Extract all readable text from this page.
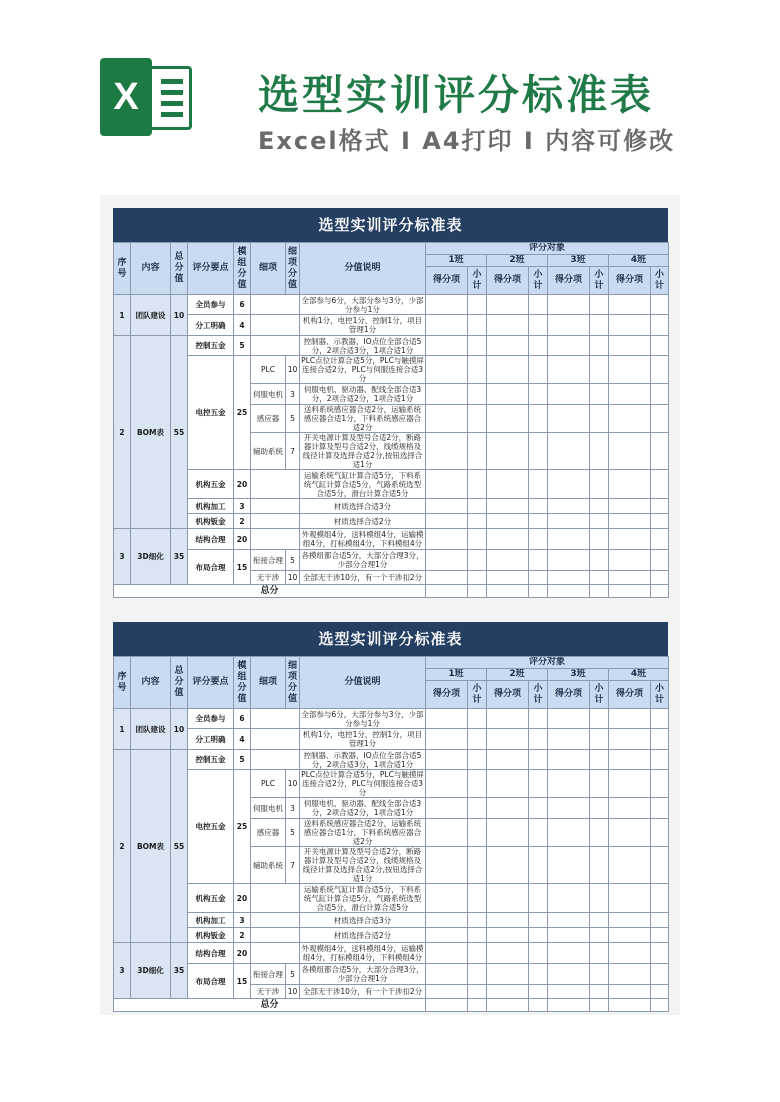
X	选型实训评分标准表
Excel格式 I A4打印 I 内容可修改
选型实训评分标准表
序号	内容	总分值	评分要点	模组分值	细项	细项分值	分值说明	评分对象							
								1班		2班		3班		4班	
								得分项	小计	得分项	小计	得分项	小计	得分项	小计
1	团队建设	10	全员参与	6			全部参与6分，大部分参与3分，少部分参与1分								
			分工明确	4			机构1分，电控1分，控制1分，项目管理1分								
2	BOM表	55	控制五金	5			控制器、示教器，IO点位全部合适5分，2项合适3分，1项合适1分								
			电控五金	25	PLC	10	PLC点位计算合适5分，PLC与触摸屏连接合适2分，PLC与伺服连接合适3分								
					伺服电机	3	伺服电机、驱动器、配线全部合适3分，2项合适2分，1项合适1分								
					感应器	5	送料系统感应器合适2分，运输系统感应器合适1分，下料系统感应器合适2分								
					辅助系统	7	开关电源计算及型号合适2分，断路器计算及型号合适2分，线缆规格及线径计算及选择合适2分,按钮选择合适1分								
			机构五金	20			运输系统气缸计算合适5分，下料系统气缸计算合适5分，气路系统选型合适5分，滑台计算合适5分								
			机构加工	3			材质选择合适3分								
			机构钣金	2			材质选择合适2分								
3	3D细化	35	结构合理	20			外观模组4分，送料模组4分，运输模组4分，打标模组4分，下料模组4分								
			布局合理	15	衔接合理	5	各模组都合适5分，大部分合理3分，少部分合理1分								
					无干涉	10	全部无干涉10分，有一个干涉扣2分								
总分															
选型实训评分标准表
序号	内容	总分值	评分要点	模组分值	细项	细项分值	分值说明	评分对象							
								1班		2班		3班		4班	
								得分项	小计	得分项	小计	得分项	小计	得分项	小计
1	团队建设	10	全员参与	6			全部参与6分，大部分参与3分，少部分参与1分								
			分工明确	4			机构1分，电控1分，控制1分，项目管理1分								
2	BOM表	55	控制五金	5			控制器、示教器，IO点位全部合适5分，2项合适3分，1项合适1分								
			电控五金	25	PLC	10	PLC点位计算合适5分，PLC与触摸屏连接合适2分，PLC与伺服连接合适3分								
					伺服电机	3	伺服电机、驱动器、配线全部合适3分，2项合适2分，1项合适1分								
					感应器	5	送料系统感应器合适2分，运输系统感应器合适1分，下料系统感应器合适2分								
					辅助系统	7	开关电源计算及型号合适2分，断路器计算及型号合适2分，线缆规格及线径计算及选择合适2分,按钮选择合适1分								
			机构五金	20			运输系统气缸计算合适5分，下料系统气缸计算合适5分，气路系统选型合适5分，滑台计算合适5分								
			机构加工	3			材质选择合适3分								
			机构钣金	2			材质选择合适2分								
3	3D细化	35	结构合理	20			外观模组4分，送料模组4分，运输模组4分，打标模组4分，下料模组4分								
			布局合理	15	衔接合理	5	各模组都合适5分，大部分合理3分，少部分合理1分								
					无干涉	10	全部无干涉10分，有一个干涉扣2分								
总分															
